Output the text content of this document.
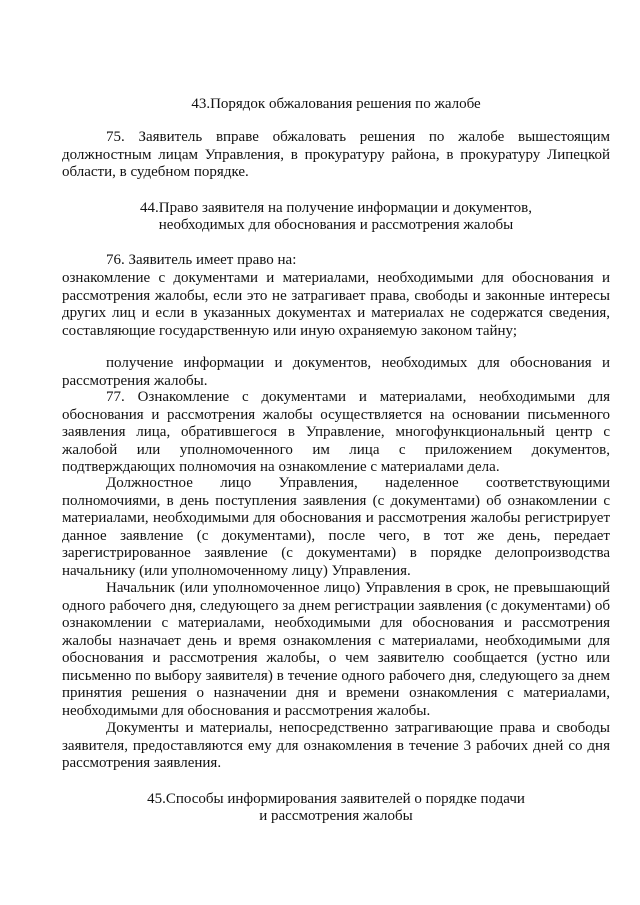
43.Порядок обжалования решения по жалобе
75. Заявитель вправе обжаловать решения по жалобе вышестоящим должностным лицам Управления, в прокуратуру района, в прокуратуру Липецкой области, в судебном порядке.
44.Право заявителя на получение информации и документов,
необходимых для обоснования и рассмотрения жалобы
76. Заявитель имеет право на:
ознакомление с документами и материалами, необходимыми для обоснования и рассмотрения жалобы, если это не затрагивает права, свободы и законные интересы других лиц и если в указанных документах и материалах не содержатся сведения, составляющие государственную или иную охраняемую законом тайну;
получение информации и документов, необходимых для обоснования и рассмотрения жалобы.
77. Ознакомление с документами и материалами, необходимыми для обоснования и рассмотрения жалобы осуществляется на основании письменного заявления лица, обратившегося в Управление, многофункциональный центр с жалобой или уполномоченного им лица с приложением документов, подтверждающих полномочия на ознакомление с материалами дела.
Должностное лицо Управления, наделенное соответствующими полномочиями, в день поступления заявления (с документами) об ознакомлении с материалами, необходимыми для обоснования и рассмотрения жалобы регистрирует данное заявление (с документами), после чего, в тот же день, передает зарегистрированное заявление (с документами) в порядке делопроизводства начальнику (или уполномоченному лицу) Управления.
Начальник (или уполномоченное лицо) Управления в срок, не превышающий одного рабочего дня, следующего за днем регистрации заявления (с документами) об ознакомлении с материалами, необходимыми для обоснования и рассмотрения жалобы назначает день и время ознакомления с материалами, необходимыми для обоснования и рассмотрения жалобы, о чем заявителю сообщается (устно или письменно по выбору заявителя) в течение одного рабочего дня, следующего за днем принятия решения о назначении дня и времени ознакомления с материалами, необходимыми для обоснования и рассмотрения жалобы.
Документы и материалы, непосредственно затрагивающие права и свободы заявителя, предоставляются ему для ознакомления в течение 3 рабочих дней со дня рассмотрения заявления.
45.Способы информирования заявителей о порядке подачи
и рассмотрения жалобы
